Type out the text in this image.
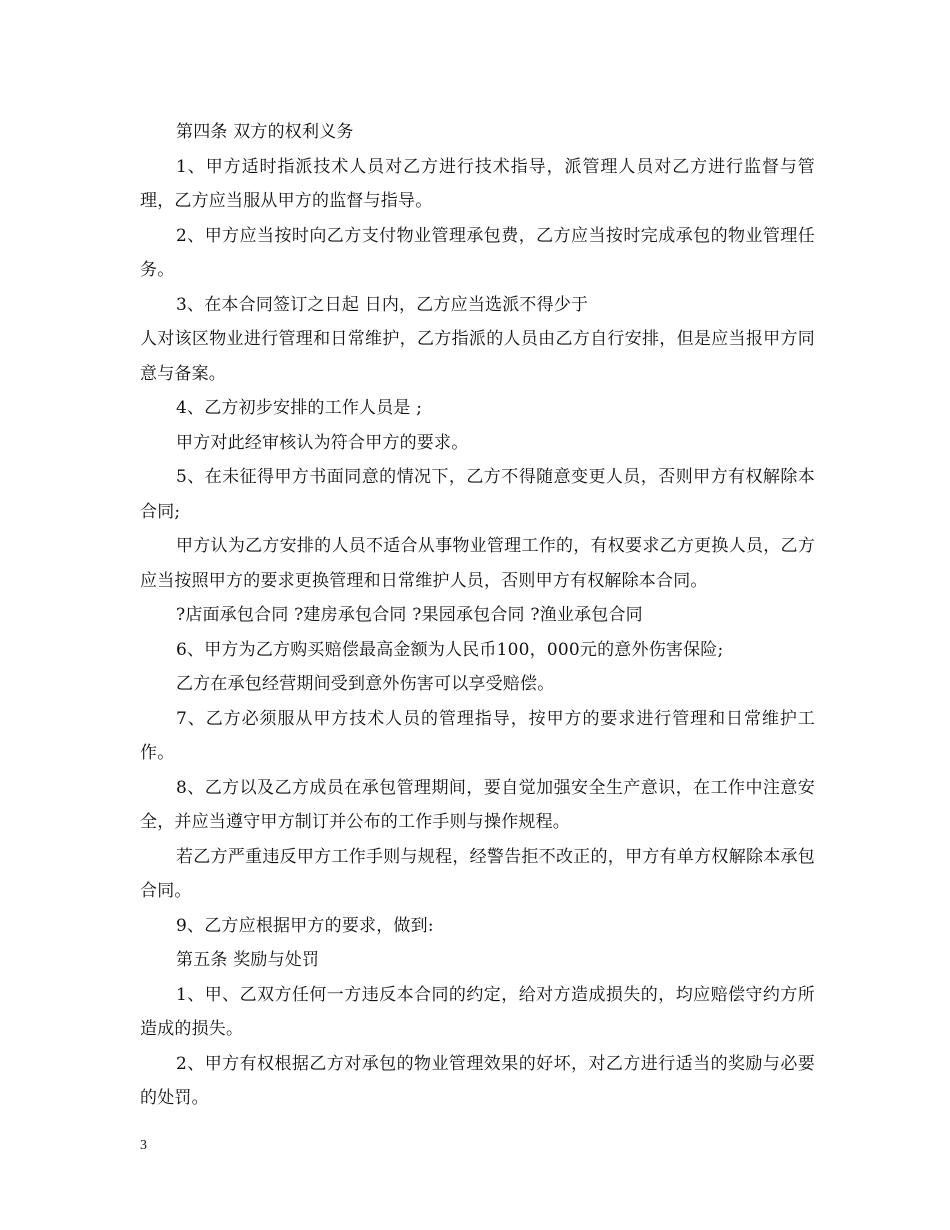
第四条 双方的权利义务

1、甲方适时指派技术人员对乙方进行技术指导，派管理人员对乙方进行监督与管理，乙方应当服从甲方的监督与指导。

2、甲方应当按时向乙方支付物业管理承包费，乙方应当按时完成承包的物业管理任务。

3、在本合同签订之日起 日内，乙方应当选派不得少于

人对该区物业进行管理和日常维护，乙方指派的人员由乙方自行安排，但是应当报甲方同意与备案。

4、乙方初步安排的工作人员是 ;

甲方对此经审核认为符合甲方的要求。

5、在未征得甲方书面同意的情况下，乙方不得随意变更人员，否则甲方有权解除本合同;

甲方认为乙方安排的人员不适合从事物业管理工作的，有权要求乙方更换人员，乙方应当按照甲方的要求更换管理和日常维护人员，否则甲方有权解除本合同。

?店面承包合同 ?建房承包合同 ?果园承包合同 ?渔业承包合同

6、甲方为乙方购买赔偿最高金额为人民币100，000元的意外伤害保险;

乙方在承包经营期间受到意外伤害可以享受赔偿。

7、乙方必须服从甲方技术人员的管理指导，按甲方的要求进行管理和日常维护工作。

8、乙方以及乙方成员在承包管理期间，要自觉加强安全生产意识，在工作中注意安全，并应当遵守甲方制订并公布的工作手则与操作规程。

若乙方严重违反甲方工作手则与规程，经警告拒不改正的，甲方有单方权解除本承包合同。

9、乙方应根据甲方的要求，做到:

第五条 奖励与处罚

1、甲、乙双方任何一方违反本合同的约定，给对方造成损失的，均应赔偿守约方所造成的损失。

2、甲方有权根据乙方对承包的物业管理效果的好坏，对乙方进行适当的奖励与必要的处罚。

3
